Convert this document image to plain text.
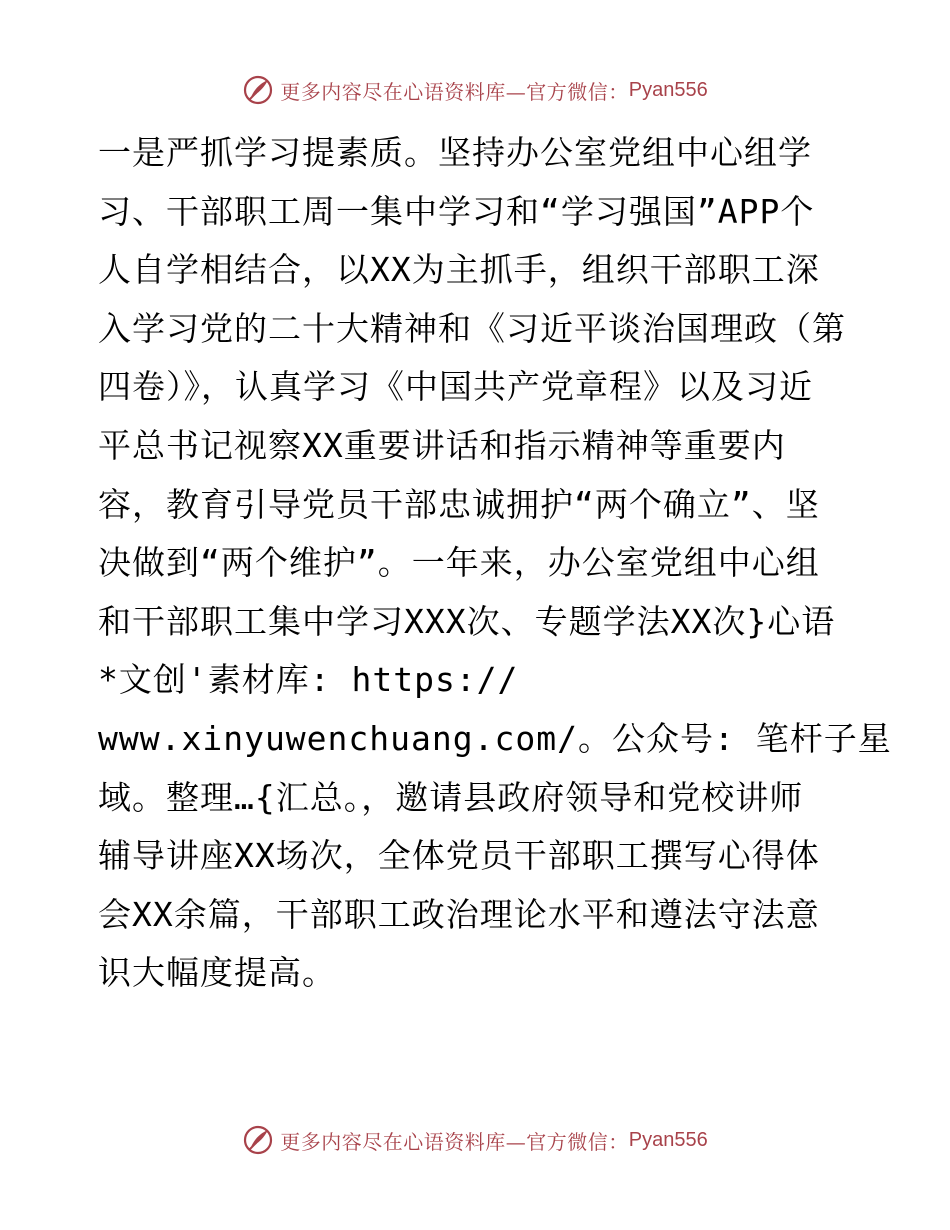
更多内容尽在心语资料库—官方微信： Pyan556
一是严抓学习提素质。坚持办公室党组中心组学
习、干部职工周一集中学习和“学习强国”APP个
人自学相结合，以XX为主抓手，组织干部职工深
入学习党的二十大精神和《习近平谈治国理政（第
四卷）》，认真学习《中国共产党章程》以及习近
平总书记视察XX重要讲话和指示精神等重要内
容，教育引导党员干部忠诚拥护“两个确立”、坚
决做到“两个维护”。一年来，办公室党组中心组
和干部职工集中学习XXX次、专题学法XX次}心语
*文创'素材库: https://
www.xinyuwenchuang.com/。公众号: 笔杆子星
域。整理…{汇总。，邀请县政府领导和党校讲师
辅导讲座XX场次，全体党员干部职工撰写心得体
会XX余篇，干部职工政治理论水平和遵法守法意
识大幅度提高。
更多内容尽在心语资料库—官方微信： Pyan556
